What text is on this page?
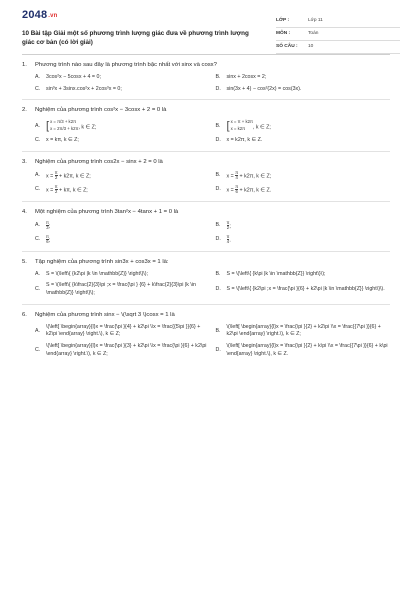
2048.vn
10 Bài tập Giải một số phương trình lượng giác đưa về phương trình lượng giác cơ bản (có lời giải)
LỚP :	Lớp 11
MÔN :	Toán
SỐ CÂU :	10
1.	Phương trình nào sau đây là phương trình bậc nhất với sinx và cosx?
A.	3cos²x − 5cosx + 4 = 0;	B.	sinx + 2cosx = 2;
C.	sin³x + 3sinx.cos²x + 2cos³x = 0;	D.	sin(3x + 4) − cos²(2x) = cos(3x).
2.	Nghiệm của phương trình cos²x − 3cosx + 2 = 0 là
A. [ x = π/3 + k2π
x = 2π/3 + k2π , k ∈ Z;	B. [ x = π + k2π
x = k2π	, k ∈ Z;
C.	x = kπ, k ∈ Z;	D.	x = k2π, k ∈ Z.
3.	Nghiệm của phương trình cos2x − sinx + 2 = 0 là
A.	$x = \frac{\pi}{2} + k2\pi$, k ∈ Z;	B.	$x = \frac{\pi}{4} + k2\pi$, k ∈ Z;
C.	$x = \frac{\pi}{2} + k\pi$, k ∈ Z;	D.	$x = \frac{\pi}{6} + k2\pi$, k ∈ Z.
4.	Một nghiệm của phương trình 3tan²x − 4tanx + 1 = 0 là
A.	$\frac{\pi}{3}$ ;	B.	$\frac{\pi}{2}$ ;
C.	$\frac{\pi}{6}$ ;	D.	$\frac{\pi}{4}$ .
5.	Tập nghiệm của phương trình sin3x + cos3x = 1 là:
A.	S = \(\left\{ {k2\pi |k \in \mathbb{Z}} \right\}\);	B.	S = \(\left\{ {k\pi |k \in \mathbb{Z}} \right\}\);
C.
S = \(\left\{ {k\frac{2}{3}\pi ;x = \frac{\pi } {6} + k\frac{2}{3}\pi |k \in \mathbb{Z}} \right\}\);
D.	S = \(\left\{ {k2\pi ;x = \frac{\pi }{6} + k2\pi |k \in \mathbb{Z}} \right\}\).
6.	Nghiệm của phương trình sinx − \(\sqrt 3 \)cosx = 1 là
A.
\(\left[ \begin{array}{l}x = \frac{\pi }{4} + k2\pi \\x = \frac{{5\pi }}{6} + k2\pi \end{array} \right.\), k ∈ Z;
B.
\(\left[ \begin{array}{l}x = \frac{\pi }{2} + k2\pi \\x = \frac{{7\pi }}{6} + k2\pi \end{array} \right.\), k ∈ Z;
C.
\(\left[ \begin{array}{l}x = \frac{\pi }{3} + k2\pi \\x = \frac{\pi }{6} + k2\pi \end{array} \right.\), k ∈ Z;
D.
\(\left[ \begin{array}{l}x = \frac{\pi }{2} + k\pi \\x = \frac{{7\pi }}{6} + k\pi \end{array} \right.\), k ∈ Z.
